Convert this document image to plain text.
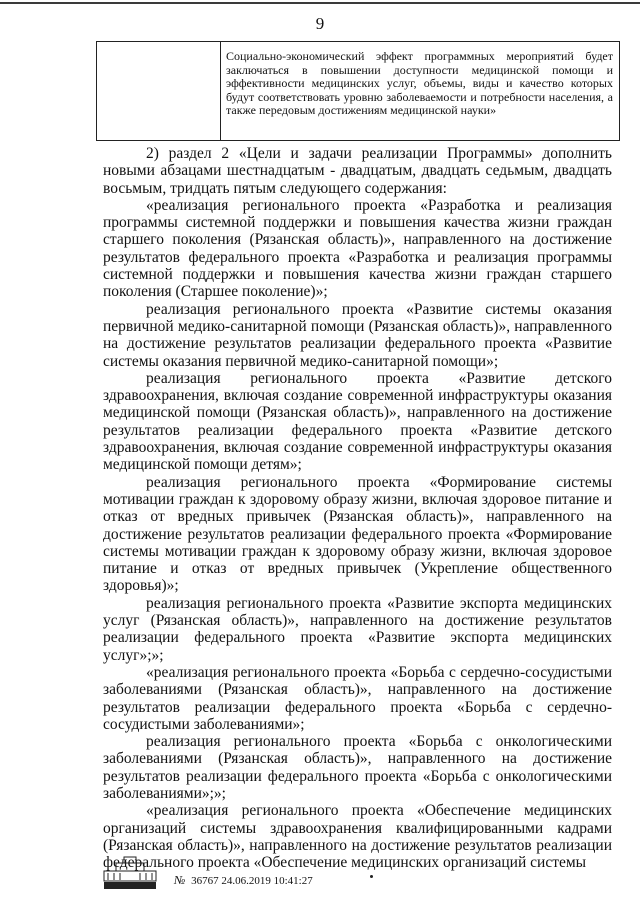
9
Социально-экономический эффект программных мероприятий будет заключаться в повышении доступности медицинской помощи и эффективности медицинских услуг, объемы, виды и качество которых будут соответствовать уровню заболеваемости и потребности населения, а также передовым достижениям медицинской науки»

2) раздел 2 «Цели и задачи реализации Программы» дополнить новыми абзацами шестнадцатым - двадцатым, двадцать седьмым, двадцать восьмым, тридцать пятым следующего содержания:

«реализация регионального проекта «Разработка и реализация программы системной поддержки и повышения качества жизни граждан старшего поколения (Рязанская область)», направленного на достижение результатов федерального проекта «Разработка и реализация программы системной поддержки и повышения качества жизни граждан старшего поколения (Старшее поколение)»;

реализация регионального проекта «Развитие системы оказания первичной медико-санитарной помощи (Рязанская область)», направленного на достижение результатов реализации федерального проекта «Развитие системы оказания первичной медико-санитарной помощи»;

реализация регионального проекта «Развитие детского здравоохранения, включая создание современной инфраструктуры оказания медицинской помощи (Рязанская область)», направленного на достижение результатов реализации федерального проекта «Развитие детского здравоохранения, включая создание современной инфраструктуры оказания медицинской помощи детям»;

реализация регионального проекта «Формирование системы мотивации граждан к здоровому образу жизни, включая здоровое питание и отказ от вредных привычек (Рязанская область)», направленного на достижение результатов реализации федерального проекта «Формирование системы мотивации граждан к здоровому образу жизни, включая здоровое питание и отказ от вредных привычек (Укрепление общественного здоровья)»;

реализация регионального проекта «Развитие экспорта медицинских услуг (Рязанская область)», направленного на достижение результатов реализации федерального проекта «Развитие экспорта медицинских услуг»;»;

«реализация регионального проекта «Борьба с сердечно-сосудистыми заболеваниями (Рязанская область)», направленного на достижение результатов реализации федерального проекта «Борьба с сердечно-сосудистыми заболеваниями»;

реализация регионального проекта «Борьба с онкологическими заболеваниями (Рязанская область)», направленного на достижение результатов реализации федерального проекта «Борьба с онкологическими заболеваниями»;»;

«реализация регионального проекта «Обеспечение медицинских организаций системы здравоохранения квалифицированными кадрами (Рязанская область)», направленного на достижение результатов реализации федерального проекта «Обеспечение медицинских организаций системы

№ 36767 24.06.2019 10:41:27
